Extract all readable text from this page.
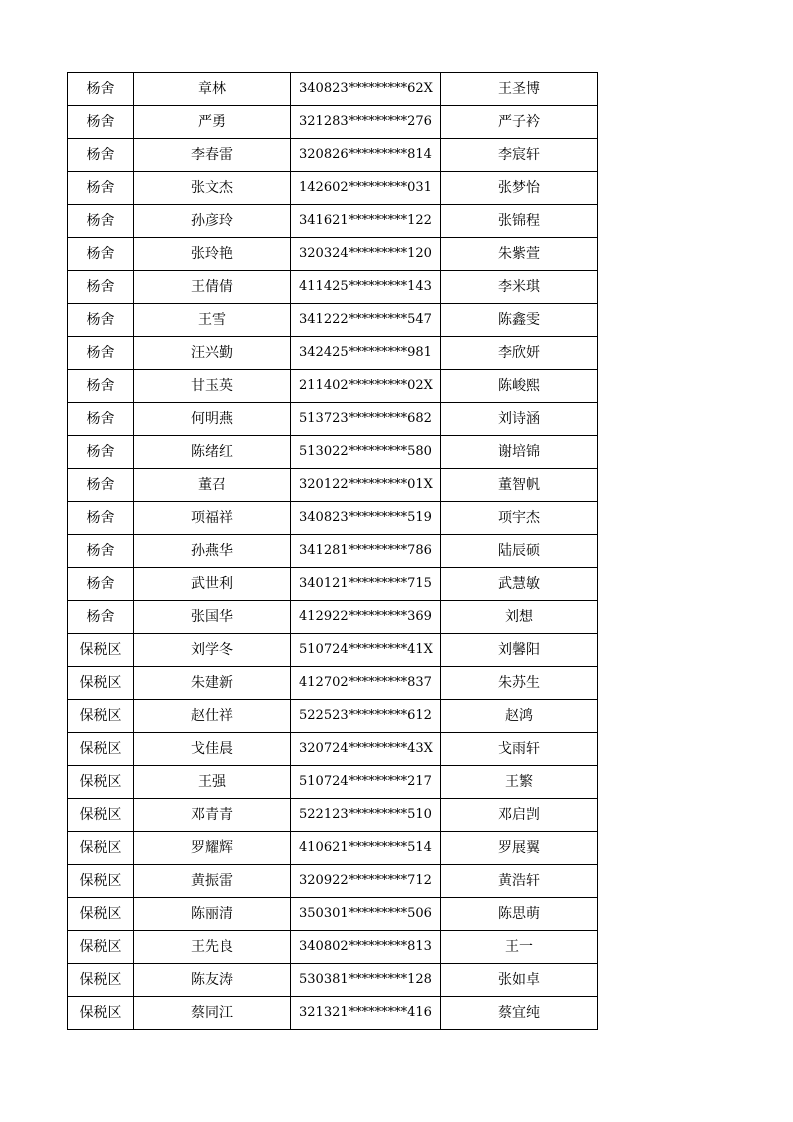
杨舍	章林	340823*********62X	王圣博
杨舍	严勇	321283*********276	严子衿
杨舍	李春雷	320826*********814	李宸轩
杨舍	张文杰	142602*********031	张梦怡
杨舍	孙彦玲	341621*********122	张锦程
杨舍	张玲艳	320324*********120	朱紫萱
杨舍	王倩倩	411425*********143	李米琪
杨舍	王雪	341222*********547	陈鑫雯
杨舍	汪兴勤	342425*********981	李欣妍
杨舍	甘玉英	211402*********02X	陈峻熙
杨舍	何明燕	513723*********682	刘诗涵
杨舍	陈绪红	513022*********580	谢培锦
杨舍	董召	320122*********01X	董智帆
杨舍	项福祥	340823*********519	项宇杰
杨舍	孙燕华	341281*********786	陆辰硕
杨舍	武世利	340121*********715	武慧敏
杨舍	张国华	412922*********369	刘想
保税区	刘学冬	510724*********41X	刘馨阳
保税区	朱建新	412702*********837	朱苏生
保税区	赵仕祥	522523*********612	赵鸿
保税区	戈佳晨	320724*********43X	戈雨轩
保税区	王强	510724*********217	王繁
保税区	邓青青	522123*********510	邓启剀
保税区	罗耀辉	410621*********514	罗展翼
保税区	黄振雷	320922*********712	黄浩轩
保税区	陈丽清	350301*********506	陈思萌
保税区	王先良	340802*********813	王一
保税区	陈友涛	530381*********128	张如卓
保税区	蔡同江	321321*********416	蔡宜纯
